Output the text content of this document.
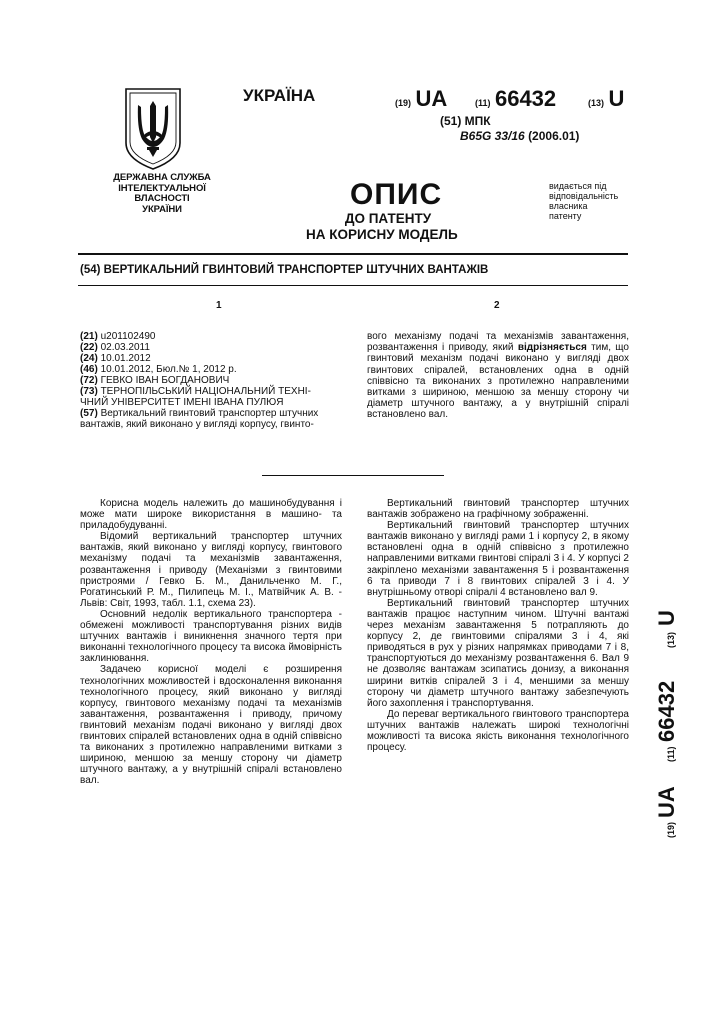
ДЕРЖАВНА СЛУЖБА
ІНТЕЛЕКТУАЛЬНОЇ
ВЛАСНОСТІ
УКРАЇНИ
УКРАЇНА	(19) UA	(11) 66432	(13) U
(51) МПК
B65G 33/16 (2006.01)
ОПИС
ДО ПАТЕНТУ
НА КОРИСНУ МОДЕЛЬ
видається під
відповідальність
власника
патенту
(54) ВЕРТИКАЛЬНИЙ ГВИНТОВИЙ ТРАНСПОРТЕР ШТУЧНИХ ВАНТАЖІВ
1	2
(21) u201102490
(22) 02.03.2011
(24) 10.01.2012
(46) 10.01.2012, Бюл.№ 1, 2012 р.
(72) ГЕВКО ІВАН БОГДАНОВИЧ
(73) ТЕРНОПІЛЬСЬКИЙ НАЦІОНАЛЬНИЙ ТЕХНІ-
ЧНИЙ УНІВЕРСИТЕТ ІМЕНІ ІВАНА ПУЛЮЯ
(57) Вертикальний гвинтовий транспортер штучних
вантажів, який виконано у вигляді корпусу, гвинто-
вого механізму подачі та механізмів завантаження, розвантаження і приводу, який відрізняється тим, що гвинтовий механізм подачі виконано у вигляді двох гвинтових спіралей, встановлених одна в одній співвісно та виконаних з протилежно направленими витками з шириною, меншою за меншу сторону чи діаметр штучного вантажу, а у внутрішній спіралі встановлено вал.

Корисна модель належить до машинобудування і може мати широке використання в машино- та приладобудуванні.

Відомий вертикальний транспортер штучних вантажів, який виконано у вигляді корпусу, гвинтового механізму подачі та механізмів завантаження, розвантаження і приводу (Механізми з гвинтовими пристроями / Гевко Б. М., Данильченко М. Г., Рогатинський Р. М., Пилипець М. І., Матвійчик А. В. - Львів: Світ, 1993, табл. 1.1, схема 23).

Основний недолік вертикального транспортера - обмежені можливості транспортування різних видів штучних вантажів і виникнення значного тертя при виконанні технологічного процесу та висока ймовірність заклинювання.

Задачею корисної моделі є розширення технологічних можливостей і вдосконалення виконання технологічного процесу, який виконано у вигляді корпусу, гвинтового механізму подачі та механізмів завантаження, розвантаження і приводу, причому гвинтовий механізм подачі виконано у вигляді двох гвинтових спіралей встановлених одна в одній співвісно та виконаних з протилежно направленими витками з шириною, меншою за меншу сторону чи діаметр штучного вантажу, а у внутрішній спіралі встановлено вал.

Вертикальний гвинтовий транспортер штучних вантажів зображено на графічному зображенні.

Вертикальний гвинтовий транспортер штучних вантажів виконано у вигляді рами 1 і корпусу 2, в якому встановлені одна в одній співвісно з протилежно направленими витками гвинтові спіралі 3 і 4. У корпусі 2 закріплено механізми завантаження 5 і розвантаження 6 та приводи 7 і 8 гвинтових спіралей 3 і 4. У внутрішньому отворі спіралі 4 встановлено вал 9.

Вертикальний гвинтовий транспортер штучних вантажів працює наступним чином. Штучні вантажі через механізм завантаження 5 потрапляють до корпусу 2, де гвинтовими спіралями 3 і 4, які приводяться в рух у різних напрямках приводами 7 і 8, транспортуються до механізму розвантаження 6. Вал 9 не дозволяє вантажам зсипатись донизу, а виконання ширини витків спіралей 3 і 4, меншими за меншу сторону чи діаметр штучного вантажу забезпечують його захоплення і транспортування.

До переваг вертикального гвинтового транспортера штучних вантажів належать широкі технологічні можливості та висока якість виконання технологічного процесу.

(19)
UA
(11)
66432
(13)
U
